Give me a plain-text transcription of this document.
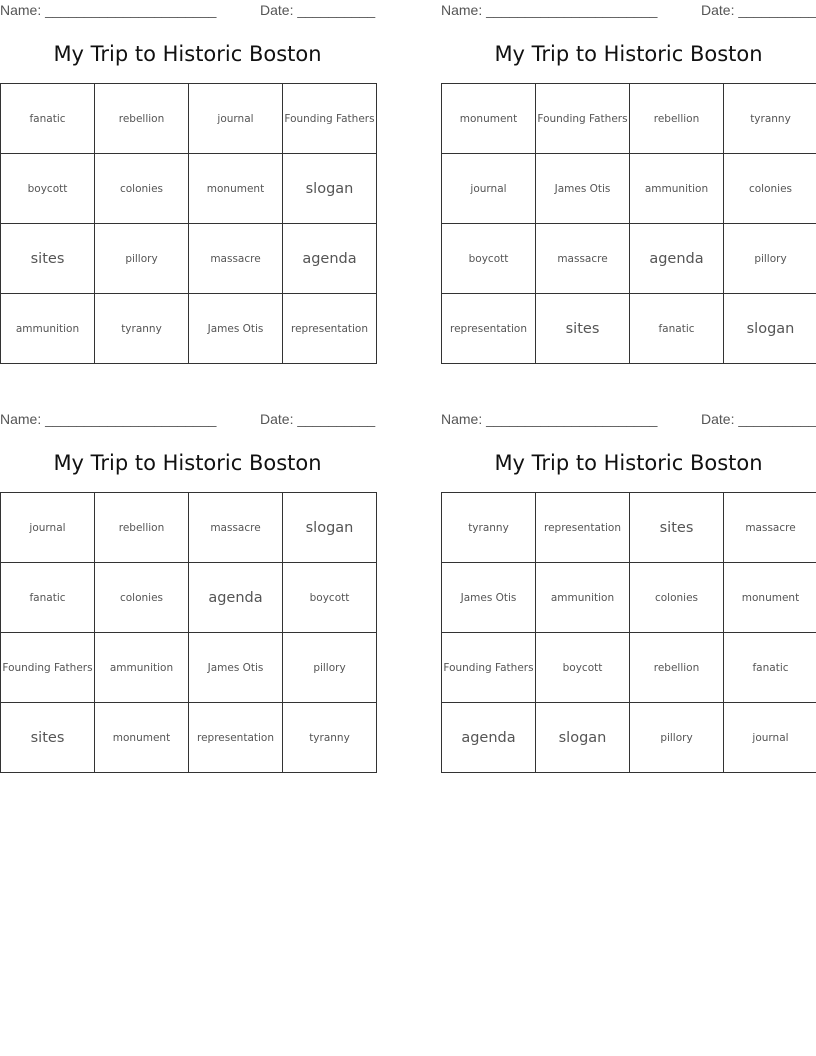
Name: ______________________	Date: __________
My Trip to Historic Boston
fanatic	rebellion	journal	Founding Fathers
boycott	colonies	monument	slogan
sites	pillory	massacre	agenda
ammunition	tyranny	James Otis	representation
Name: ______________________	Date: __________
My Trip to Historic Boston
monument	Founding Fathers	rebellion	tyranny
journal	James Otis	ammunition	colonies
boycott	massacre	agenda	pillory
representation	sites	fanatic	slogan
Name: ______________________	Date: __________
My Trip to Historic Boston
journal	rebellion	massacre	slogan
fanatic	colonies	agenda	boycott
Founding Fathers	ammunition	James Otis	pillory
sites	monument	representation	tyranny
Name: ______________________	Date: __________
My Trip to Historic Boston
tyranny	representation	sites	massacre
James Otis	ammunition	colonies	monument
Founding Fathers	boycott	rebellion	fanatic
agenda	slogan	pillory	journal
